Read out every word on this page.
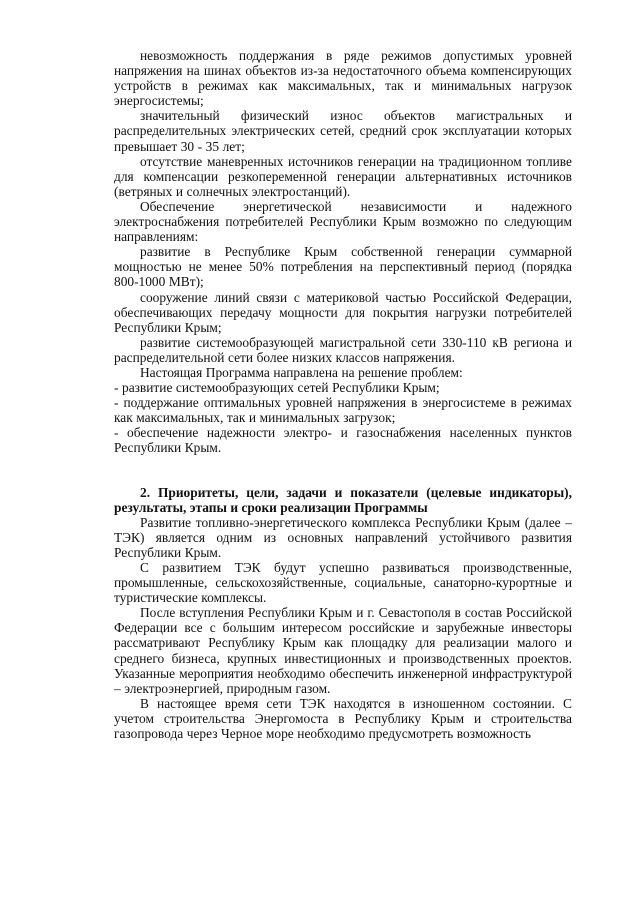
невозможность поддержания в ряде режимов допустимых уровней напряжения на шинах объектов из-за недостаточного объема компенсирующих устройств в режимах как максимальных, так и минимальных нагрузок энергосистемы;

значительный физический износ объектов магистральных и распределительных электрических сетей, средний срок эксплуатации которых превышает 30 - 35 лет;

отсутствие маневренных источников генерации на традиционном топливе для компенсации резкопеременной генерации альтернативных источников (ветряных и солнечных электростанций).

Обеспечение энергетической независимости и надежного электроснабжения потребителей Республики Крым возможно по следующим направлениям:

развитие в Республике Крым собственной генерации суммарной мощностью не менее 50% потребления на перспективный период (порядка 800-1000 МВт);

сооружение линий связи с материковой частью Российской Федерации, обеспечивающих передачу мощности для покрытия нагрузки потребителей Республики Крым;

развитие системообразующей магистральной сети 330-110 кВ региона и распределительной сети более низких классов напряжения.

Настоящая Программа направлена на решение проблем:

- развитие системообразующих сетей Республики Крым;

- поддержание оптимальных уровней напряжения в энергосистеме в режимах как максимальных, так и минимальных загрузок;

- обеспечение надежности электро- и газоснабжения населенных пунктов Республики Крым.

2. Приоритеты, цели, задачи и показатели (целевые индикаторы), результаты, этапы и сроки реализации Программы

Развитие топливно-энергетического комплекса Республики Крым (далее – ТЭК) является одним из основных направлений устойчивого развития Республики Крым.

С развитием ТЭК будут успешно развиваться производственные, промышленные, сельскохозяйственные, социальные, санаторно-курортные и туристические комплексы.

После вступления Республики Крым и г. Севастополя в состав Российской Федерации все с большим интересом российские и зарубежные инвесторы рассматривают Республику Крым как площадку для реализации малого и среднего бизнеса, крупных инвестиционных и производственных проектов. Указанные мероприятия необходимо обеспечить инженерной инфраструктурой – электроэнергией, природным газом.

В настоящее время сети ТЭК находятся в изношенном состоянии. С учетом строительства Энергомоста в Республику Крым и строительства газопровода через Черное море необходимо предусмотреть возможность
